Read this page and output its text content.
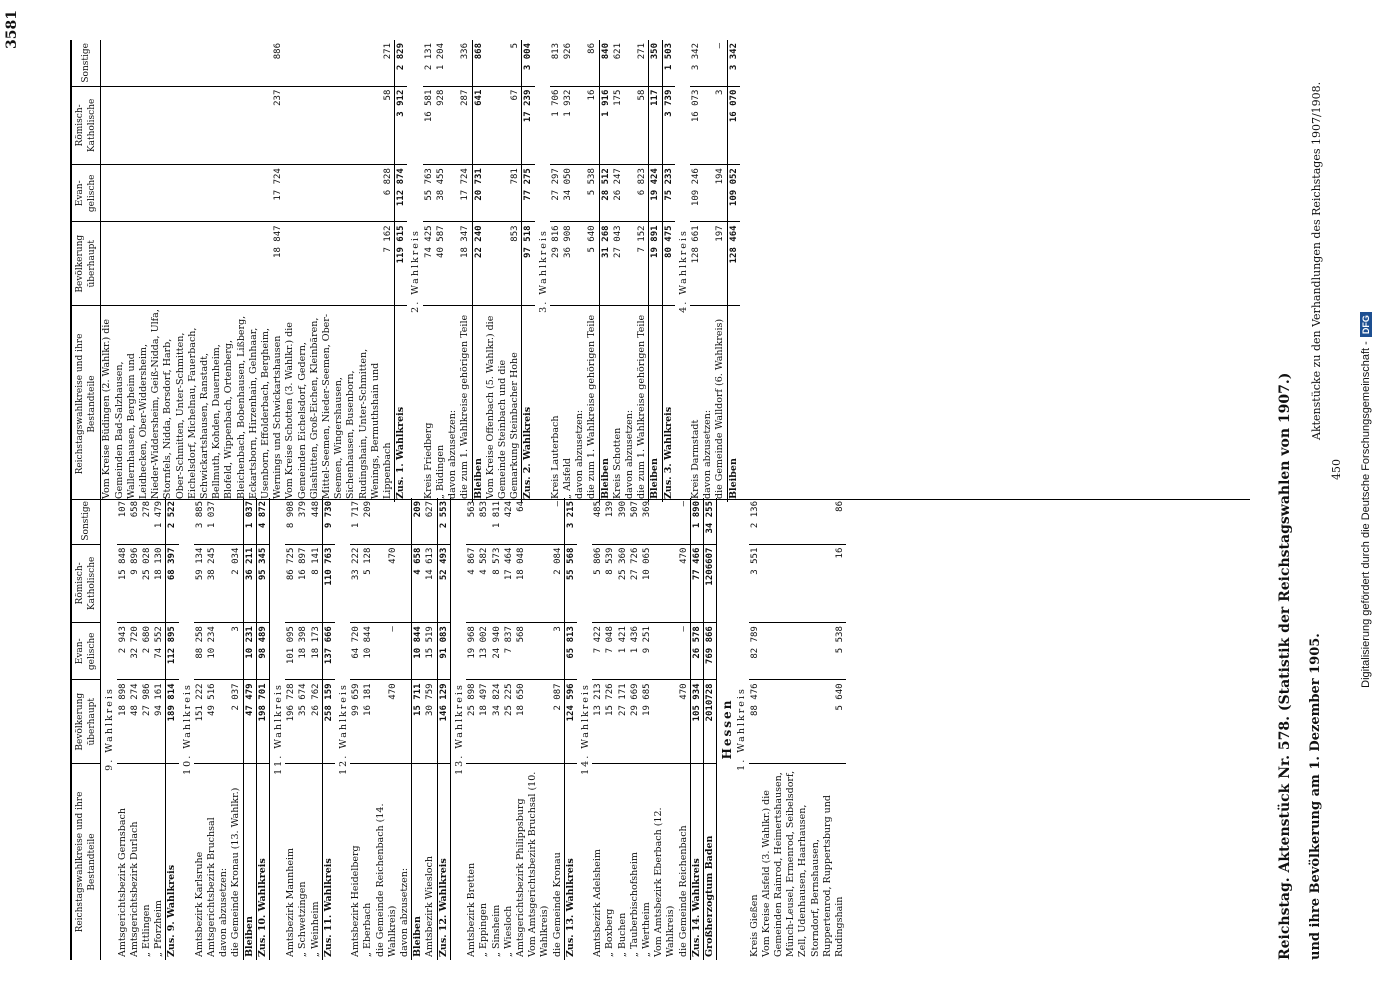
3581
Reichstagswahlkreise und ihre Bestandteile	Bevölkerung überhaupt	Evangelische	Römisch-Katholische	Sonstige
9. Wahlkreis				
Amtsgerichtsbezirk Gernsbach	18 898	2 943	15 848	107
Amtsgerichtsbezirk Durlach	48 274	32 720	9 896	658
„ Ettlingen	27 986	2 680	25 028	278
„ Pforzheim	94 161	74 552	18 130	1 479
Zus. 9. Wahlkreis	189 814	112 895	68 397	2 522
10. Wahlkreis				
Amtsbezirk Karlsruhe	151 222	88 258	59 134	3 885
Amtsgerichtsbezirk Bruchsal	49 516	10 234	38 245	1 037
davon abzusetzen:				
die Gemeinde Kronau (13. Wahlkr.)	2 037	3	2 034	
Bleiben	47 479	10 231	36 211	1 037
Zus. 10. Wahlkreis	198 701	98 489	95 345	4 872
11. Wahlkreis				
Amtsbezirk Mannheim	196 728	101 095	86 725	8 908
„ Schwetzingen	35 674	18 398	16 897	379
„ Weinheim	26 762	18 173	8 141	448
Zus. 11. Wahlkreis	258 159	137 666	110 763	9 730
12. Wahlkreis				
Amtsbezirk Heidelberg	99 659	64 720	33 222	1 717
„ Eberbach	16 181	10 844	5 128	209
die Gemeinde Reichenbach (14. Wahlkreis)	470	—	470	
davon abzusetzen:				
Bleiben	15 711	10 844	4 658	209
Amtsbezirk Wiesloch	30 759	15 519	14 613	627
Zus. 12. Wahlkreis	146 129	91 083	52 493	2 553
13. Wahlkreis				
Amtsbezirk Bretten	25 898	19 968	4 867	563
„ Eppingen	18 497	13 002	4 582	853
„ Sinsheim	34 824	24 940	8 573	1 811
„ Wiesloch	25 225	7 837	17 464	424
Amtsgerichtsbezirk Philippsburg	18 650	568	18 048	64
Vom Amtsgerichtsbezirk Bruchsal (10. Wahlkreis)				
die Gemeinde Kronau	2 087	3	2 084	—
Zus. 13. Wahlkreis	124 596	65 813	55 568	3 215
14. Wahlkreis				
Amtsbezirk Adelsheim	13 213	7 422	5 806	485
„ Boxberg	15 726	7 048	8 539	139
„ Buchen	27 171	1 421	25 360	390
„ Tauberbischofsheim	29 669	1 436	27 726	507
„ Wertheim	19 685	9 251	10 065	369
Vom Amtsbezirk Eberbach (12. Wahlkreis)				
die Gemeinde Reichenbach	470	—	470	—
Zus. 14. Wahlkreis	105 934	26 578	77 466	1 890
Großherzogtum Baden	2010728	769 866	1206607	34 255
Hessen				
1. Wahlkreis				
Kreis Gießen	88 476	82 789	3 551	2 136
Vom Kreise Alsfeld (3. Wahlkr.) die Gemeinden Rainrod, Heimertshausen, Münch-Leusel, Ermenrod, Seibelsdorf, Zell, Udenhausen, Haarhausen, Storndorf, Bernshausen, Ruppertenrod, Ruppertsburg und Rudingshain	5 640	5 538	16	86
Reichstagswahlkreise und ihre Bestandteile	Bevölkerung überhaupt	Evangelische	Römisch-Katholische	Sonstige
Vom Kreise Büdingen (2. Wahlkr.) die Gemeinden Bad-Salzhausen, Wallernhausen, Bergheim und Leidhecken, Ober-Widdersheim, Nieder-Widdersheim, Geiß-Nidda, Ulfa, Stornfels, Nidda, Borsdorf, Harb, Ober-Schmitten, Unter-Schmitten, Eichelsdorf, Michelnau, Fauerbach, Schwickartshausen, Ranstadt, Bellmuth, Kohden, Dauernheim, Blofeld, Wippenbach, Ortenberg, Bleichenbach, Bobenhausen, Lißberg, Eckartsborn, Hirzenhain, Gelnhaar, Usenborn, Effolderbach, Bergheim, Wernings und Schwickartshausen	18 847	17 724	237	886
Vom Kreise Schotten (3. Wahlkr.) die Gemeinden Eichelsdorf, Gedern, Glashütten, Groß-Eichen, Kleinbären, Mittel-Seemen, Nieder-Seemen, Ober-Seemen, Wingershausen, Sichenhausen, Busenborn, Rudingshain, Unter-Schmitten, Wenings, Bermuthshain und Lippenbach	7 162	6 828	58	271
Zus. 1. Wahlkreis	119 615	112 874	3 912	2 829
2. Wahlkreis				
Kreis Friedberg	74 425	55 763	16 581	2 131
„ Büdingen	40 587	38 455	928	1 204
davon abzusetzen:				
die zum 1. Wahlkreise gehörigen Teile	18 347	17 724	287	336
Bleiben	22 240	20 731	641	868
Vom Kreise Offenbach (5. Wahlkr.) die Gemeinde Steinbach und die Gemarkung Steinbacher Hohe	853	781	67	5
Zus. 2. Wahlkreis	97 518	77 275	17 239	3 004
3. Wahlkreis				
Kreis Lauterbach	29 816	27 297	1 706	813
„ Alsfeld	36 908	34 050	1 932	926
davon abzusetzen:				
die zum 1. Wahlkreise gehörigen Teile	5 640	5 538	16	86
Bleiben	31 268	28 512	1 916	840
Kreis Schotten	27 043	26 247	175	621
davon abzusetzen:				
die zum 1. Wahlkreise gehörigen Teile	7 152	6 823	58	271
Bleiben	19 891	19 424	117	350
Zus. 3. Wahlkreis	80 475	75 233	3 739	1 503
4. Wahlkreis				
Kreis Darmstadt	128 661	109 246	16 073	3 342
davon abzusetzen:				
die Gemeinde Walldorf (6. Wahlkreis)	197	194	3	—
Bleiben	128 464	109 052	16 070	3 342
Reichstag. Aktenstück Nr. 578. (Statistik der Reichstagswahlen von 1907.) und ihre Bevölkerung am 1. Dezember 1905.
Aktenstücke zu den Verhandlungen des Reichstages 1907/1908.
450 Digitalisierung gefördert durch die Deutsche Forschungsgemeinschaft -DFG
